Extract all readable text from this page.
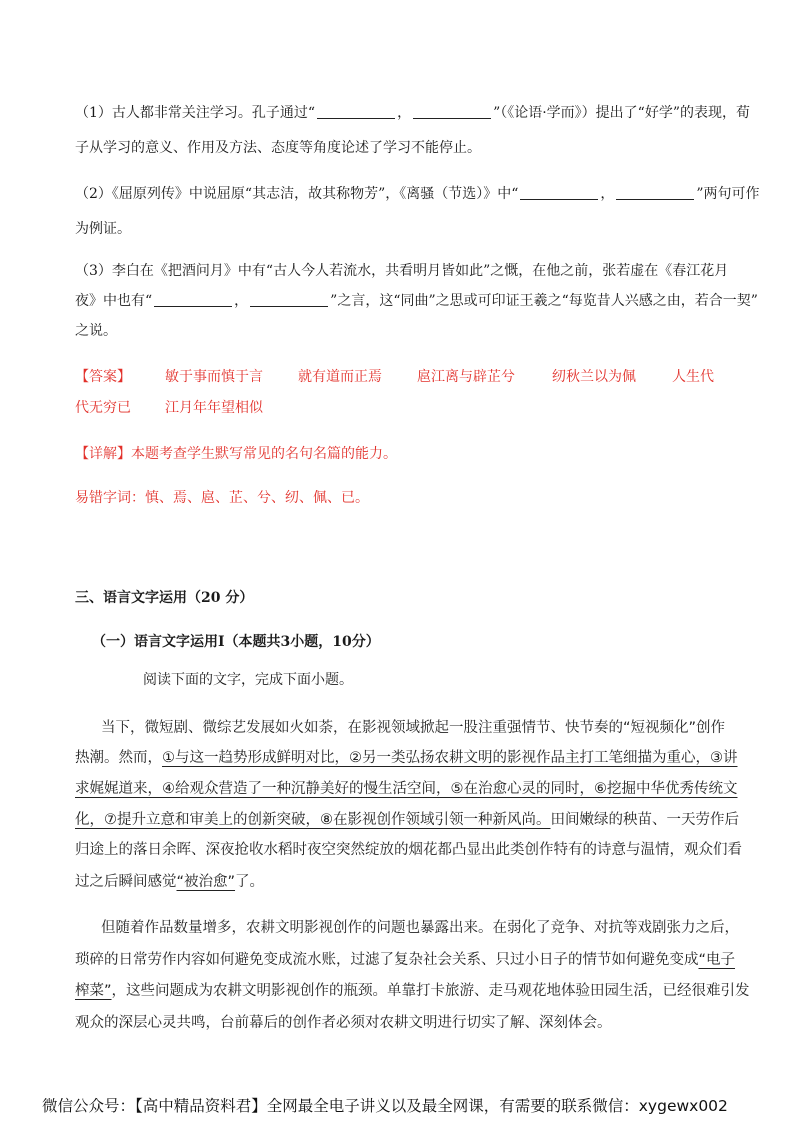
（1）古人都非常关注学习。孔子通过“	，	”（《论语·学而》）提出了“好学”的表现，荀
子从学习的意义、作用及方法、态度等角度论述了学习不能停止。
（2）《屈原列传》中说屈原“其志洁，故其称物芳”，《离骚（节选）》中“	，	”两句可作
为例证。
（3）李白在《把酒问月》中有“古人今人若流水，共看明月皆如此”之慨，在他之前，张若虚在《春江花月
夜》中也有“	，	”之言，这“同曲”之思或可印证王羲之“每览昔人兴感之由，若合一契”
之说。
【答案】 敏于事而慎于言	就有道而正焉	扈江离与辟芷兮	纫秋兰以为佩	人生代
代无穷已 江月年年望相似
【详解】本题考查学生默写常见的名句名篇的能力。
易错字词：慎、焉、扈、芷、兮、纫、佩、已。
三、语言文字运用（20 分）
（一）语言文字运用Ⅰ（本题共3小题，10分）
阅读下面的文字，完成下面小题。
当下，微短剧、微综艺发展如火如荼，在影视领域掀起一股注重强情节、快节奏的“短视频化”创作
热潮。然而，①与这一趋势形成鲜明对比，②另一类弘扬农耕文明的影视作品主打工笔细描为重心，③讲
求娓娓道来，④给观众营造了一种沉静美好的慢生活空间，⑤在治愈心灵的同时，⑥挖掘中华优秀传统文
化，⑦提升立意和审美上的创新突破，⑧在影视创作领域引领一种新风尚。田间嫩绿的秧苗、一天劳作后
归途上的落日余晖、深夜抢收水稻时夜空突然绽放的烟花都凸显出此类创作特有的诗意与温情，观众们看
过之后瞬间感觉“被治愈”了。
但随着作品数量增多，农耕文明影视创作的问题也暴露出来。在弱化了竞争、对抗等戏剧张力之后，
琐碎的日常劳作内容如何避免变成流水账，过滤了复杂社会关系、只过小日子的情节如何避免变成“电子
榨菜”，这些问题成为农耕文明影视创作的瓶颈。单靠打卡旅游、走马观花地体验田园生活，已经很难引发
观众的深层心灵共鸣，台前幕后的创作者必须对农耕文明进行切实了解、深刻体会。
微信公众号：【高中精品资料君】全网最全电子讲义以及最全网课，有需要的联系微信：xygewx002
